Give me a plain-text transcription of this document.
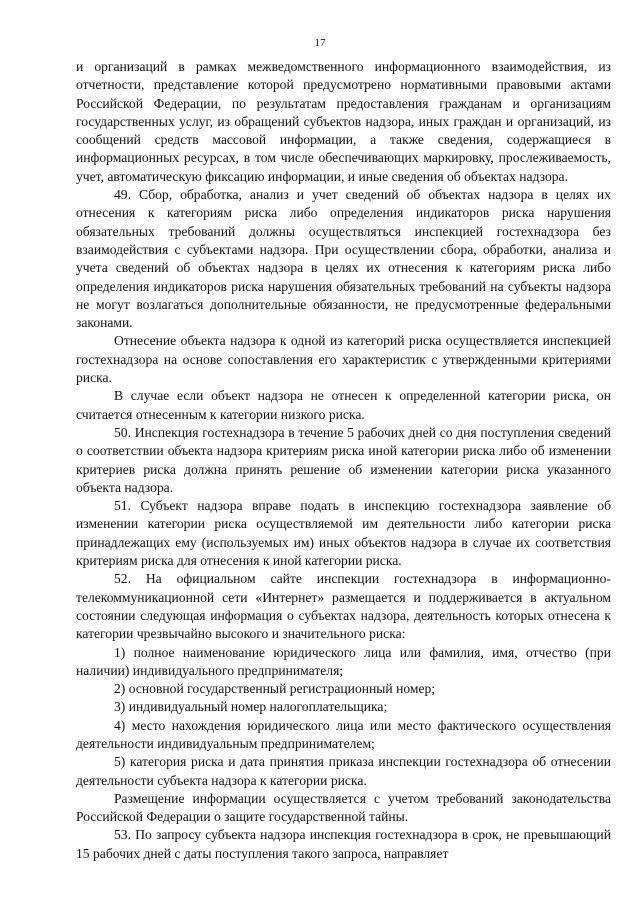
17

и организаций в рамках межведомственного информационного взаимодействия, из отчетности, представление которой предусмотрено нормативными правовыми актами Российской Федерации, по результатам предоставления гражданам и организациям государственных услуг, из обращений субъектов надзора, иных граждан и организаций, из сообщений средств массовой информации, а также сведения, содержащиеся в информационных ресурсах, в том числе обеспечивающих маркировку, прослеживаемость, учет, автоматическую фиксацию информации, и иные сведения об объектах надзора.

49. Сбор, обработка, анализ и учет сведений об объектах надзора в целях их отнесения к категориям риска либо определения индикаторов риска нарушения обязательных требований должны осуществляться инспекцией гостехнадзора без взаимодействия с субъектами надзора. При осуществлении сбора, обработки, анализа и учета сведений об объектах надзора в целях их отнесения к категориям риска либо определения индикаторов риска нарушения обязательных требований на субъекты надзора не могут возлагаться дополнительные обязанности, не предусмотренные федеральными законами.

Отнесение объекта надзора к одной из категорий риска осуществляется инспекцией гостехнадзора на основе сопоставления его характеристик с утвержденными критериями риска.

В случае если объект надзора не отнесен к определенной категории риска, он считается отнесенным к категории низкого риска.

50. Инспекция гостехнадзора в течение 5 рабочих дней со дня поступления сведений о соответствии объекта надзора критериям риска иной категории риска либо об изменении критериев риска должна принять решение об изменении категории риска указанного объекта надзора.

51. Субъект надзора вправе подать в инспекцию гостехнадзора заявление об изменении категории риска осуществляемой им деятельности либо категории риска принадлежащих ему (используемых им) иных объектов надзора в случае их соответствия критериям риска для отнесения к иной категории риска.

52. На официальном сайте инспекции гостехнадзора в информационно-телекоммуникационной сети «Интернет» размещается и поддерживается в актуальном состоянии следующая информация о субъектах надзора, деятельность которых отнесена к категории чрезвычайно высокого и значительного риска:

1) полное наименование юридического лица или фамилия, имя, отчество (при наличии) индивидуального предпринимателя;

2) основной государственный регистрационный номер;

3) индивидуальный номер налогоплательщика;

4) место нахождения юридического лица или место фактического осуществления деятельности индивидуальным предпринимателем;

5) категория риска и дата принятия приказа инспекции гостехнадзора об отнесении деятельности субъекта надзора к категории риска.

Размещение информации осуществляется с учетом требований законодательства Российской Федерации о защите государственной тайны.

53. По запросу субъекта надзора инспекция гостехнадзора в срок, не превышающий 15 рабочих дней с даты поступления такого запроса, направляет
